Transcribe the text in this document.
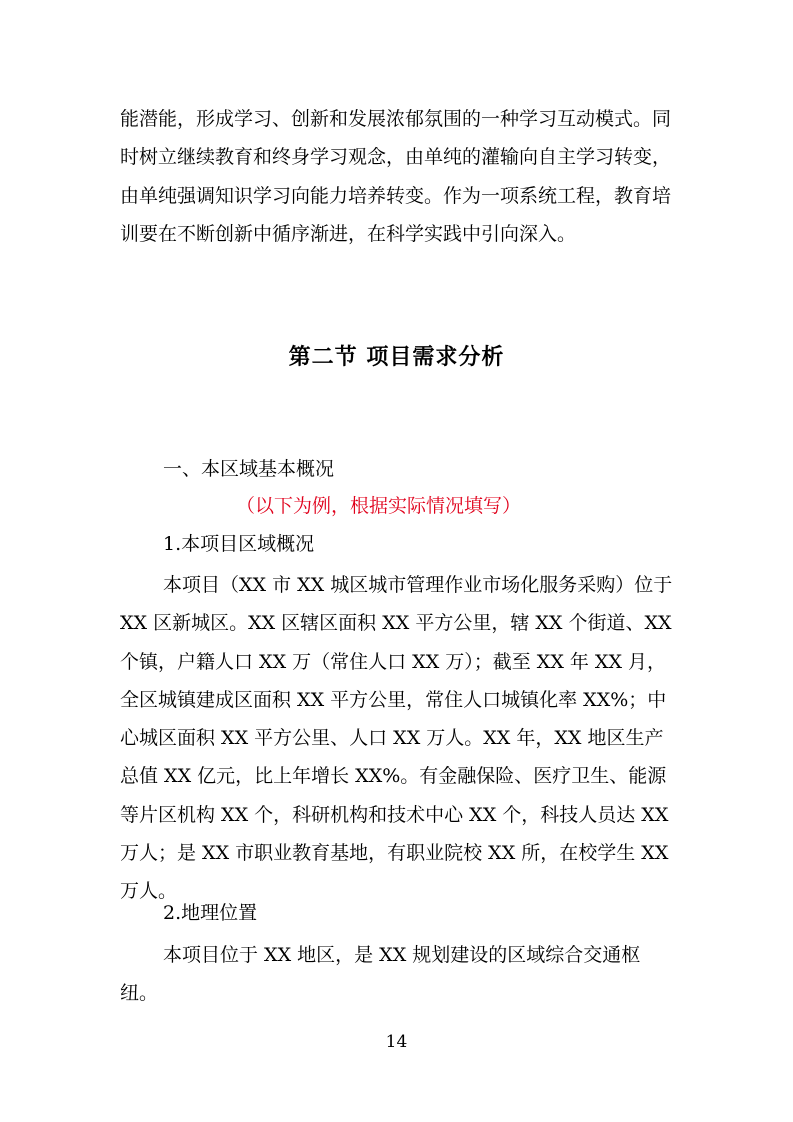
能潜能，形成学习、创新和发展浓郁氛围的一种学习互动模式。同时树立继续教育和终身学习观念，由单纯的灌输向自主学习转变，由单纯强调知识学习向能力培养转变。作为一项系统工程，教育培训要在不断创新中循序渐进，在科学实践中引向深入。

第二节 项目需求分析

一、本区域基本概况

（以下为例，根据实际情况填写）

1.本项目区域概况

本项目（XX 市 XX 城区城市管理作业市场化服务采购）位于 XX 区新城区。XX 区辖区面积 XX 平方公里，辖 XX 个街道、XX 个镇，户籍人口 XX 万（常住人口 XX 万）；截至 XX 年 XX 月，全区城镇建成区面积 XX 平方公里，常住人口城镇化率 XX%；中心城区面积 XX 平方公里、人口 XX 万人。XX 年，XX 地区生产总值 XX 亿元，比上年增长 XX%。有金融保险、医疗卫生、能源等片区机构 XX 个，科研机构和技术中心 XX 个，科技人员达 XX 万人；是 XX 市职业教育基地，有职业院校 XX 所，在校学生 XX 万人。

2.地理位置

本项目位于 XX 地区，是 XX 规划建设的区域综合交通枢纽。

14
